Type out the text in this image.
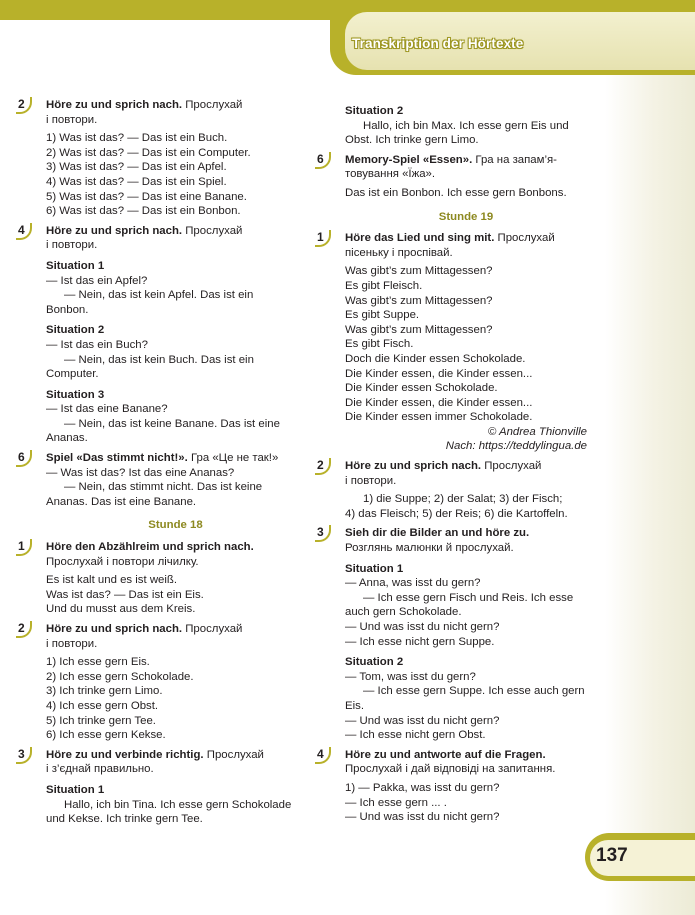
Transkription der Hörtexte
2 Höre zu und sprich nach. Прослухай

і повтори.

1) Was ist das? — Das ist ein Buch.

2) Was ist das? — Das ist ein Computer.

3) Was ist das? — Das ist ein Apfel.

4) Was ist das? — Das ist ein Spiel.

5) Was ist das? — Das ist eine Banane.

6) Was ist das? — Das ist ein Bonbon.

4 Höre zu und sprich nach. Прослухай

і повтори.

Situation 1

— Ist das ein Apfel?

— Nein, das ist kein Apfel. Das ist ein

Bonbon.

Situation 2

— Ist das ein Buch?

— Nein, das ist kein Buch. Das ist ein

Computer.

Situation 3

— Ist das eine Banane?

— Nein, das ist keine Banane. Das ist eine

Ananas.

6 Spiel «Das stimmt nicht!». Гра «Це не так!»

— Was ist das? Ist das eine Ananas?

— Nein, das stimmt nicht. Das ist keine

Ananas. Das ist eine Banane.

Stunde 18
1 Höre den Abzählreim und sprich nach.

Прослухай і повтори лічилку.

Es ist kalt und es ist weiß.

Was ist das? — Das ist ein Eis.

Und du musst aus dem Kreis.

2 Höre zu und sprich nach. Прослухай

і повтори.

1) Ich esse gern Eis.

2) Ich esse gern Schokolade.

3) Ich trinke gern Limo.

4) Ich esse gern Obst.

5) Ich trinke gern Tee.

6) Ich esse gern Kekse.

3 Höre zu und verbinde richtig. Прослухай

і з’єднай правильно.

Situation 1

Hallo, ich bin Tina. Ich esse gern Schokolade

und Kekse. Ich trinke gern Tee.

Situation 2

Hallo, ich bin Max. Ich esse gern Eis und

Obst. Ich trinke gern Limo.

6 Memory-Spiel «Essen». Гра на запам’я-

товування «Їжа».

Das ist ein Bonbon. Ich esse gern Bonbons.

Stunde 19
1 Höre das Lied und sing mit. Прослухай

пісеньку і проспівай.

Was gibt’s zum Mittagessen?

Es gibt Fleisch.

Was gibt’s zum Mittagessen?

Es gibt Suppe.

Was gibt’s zum Mittagessen?

Es gibt Fisch.

Doch die Kinder essen Schokolade.

Die Kinder essen, die Kinder essen...

Die Kinder essen Schokolade.

Die Kinder essen, die Kinder essen...

Die Kinder essen immer Schokolade.

© Andrea Thionville

Nach: https://teddylingua.de

2 Höre zu und sprich nach. Прослухай

і повтори.

1) die Suppe; 2) der Salat; 3) der Fisch;

4) das Fleisch; 5) der Reis; 6) die Kartoffeln.

3 Sieh dir die Bilder an und höre zu.

Розглянь малюнки й прослухай.

Situation 1

— Anna, was isst du gern?

— Ich esse gern Fisch und Reis. Ich esse

auch gern Schokolade.

— Und was isst du nicht gern?

— Ich esse nicht gern Suppe.

Situation 2

— Tom, was isst du gern?

— Ich esse gern Suppe. Ich esse auch gern

Eis.

— Und was isst du nicht gern?

— Ich esse nicht gern Obst.

4 Höre zu und antworte auf die Fragen.

Прослухай і дай відповіді на запитання.

1) — Pakka, was isst du gern?

— Ich esse gern ... .

— Und was isst du nicht gern?

137
